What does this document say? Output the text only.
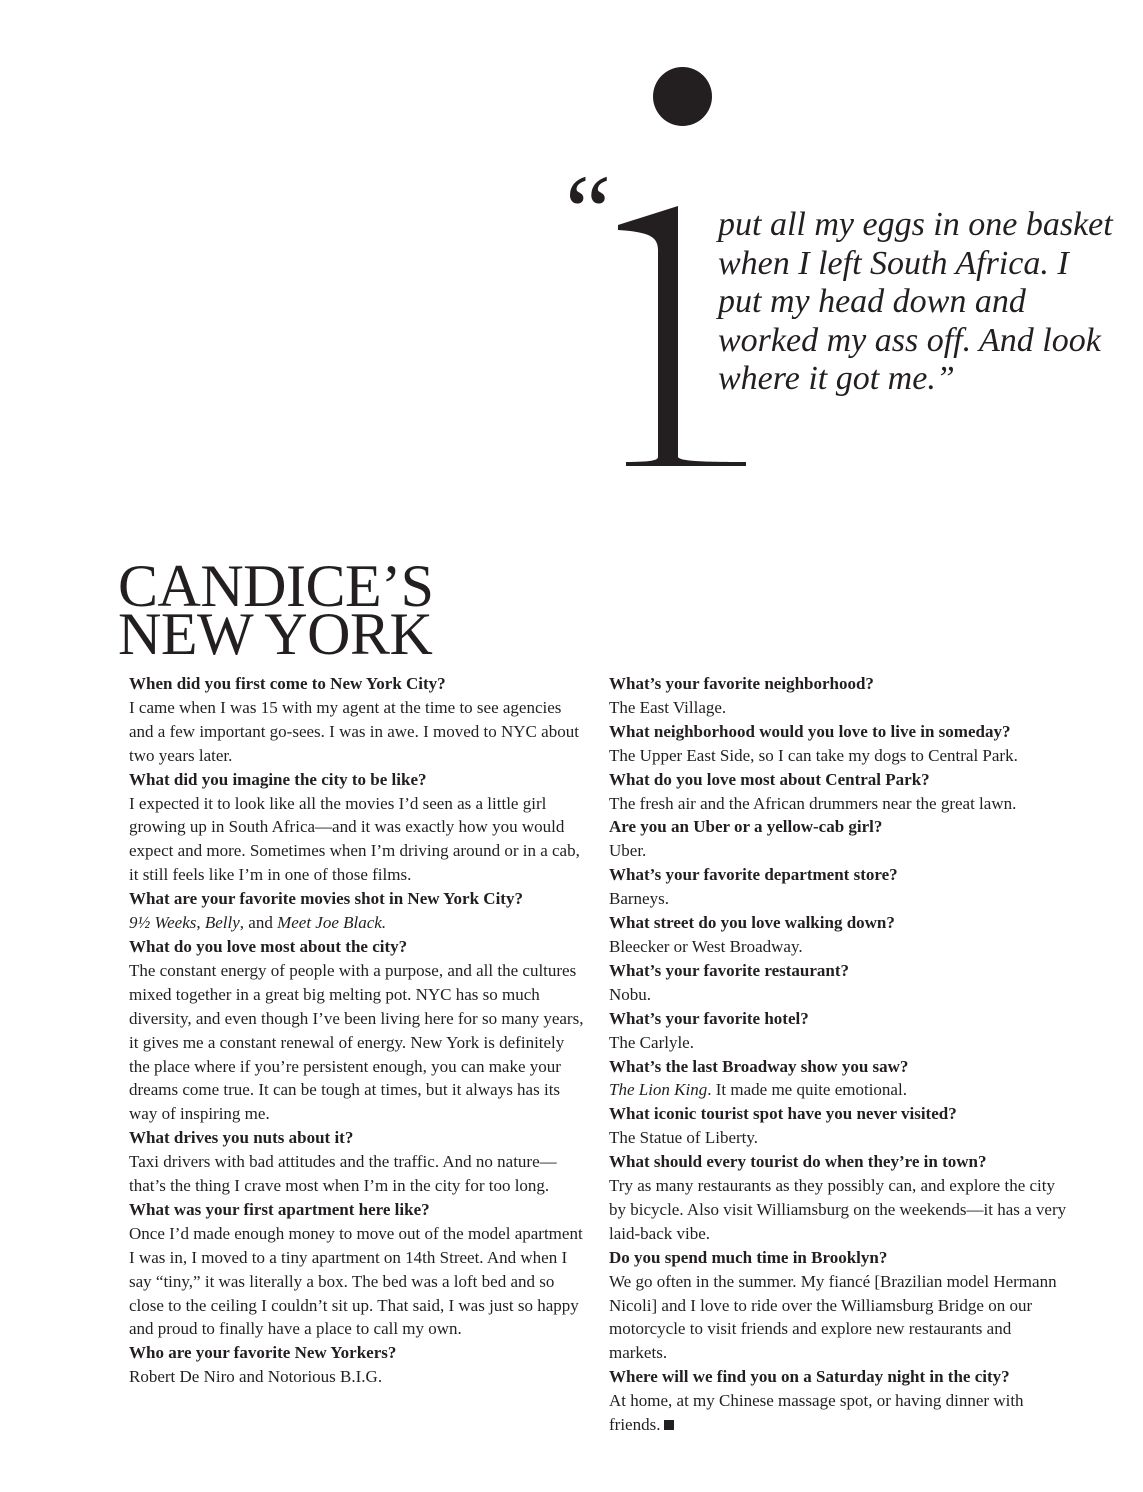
“	put all my eggs in one basket when I left South Africa. I put my head down and worked my ass off. And look where it got me.”

CANDICE’S
NEW YORK

When did you first come to New York City?

I came when I was 15 with my agent at the time to see agencies and a few important go-sees. I was in awe. I moved to NYC about two years later.

What did you imagine the city to be like?

I expected it to look like all the movies I’d seen as a little girl growing up in South Africa—and it was exactly how you would expect and more. Sometimes when I’m driving around or in a cab, it still feels like I’m in one of those films.

What are your favorite movies shot in New York City?

9½ Weeks, Belly, and Meet Joe Black.

What do you love most about the city?

The constant energy of people with a purpose, and all the cultures mixed together in a great big melting pot. NYC has so much diversity, and even though I’ve been living here for so many years, it gives me a constant renewal of energy. New York is definitely the place where if you’re persistent enough, you can make your dreams come true. It can be tough at times, but it always has its way of inspiring me.

What drives you nuts about it?

Taxi drivers with bad attitudes and the traffic. And no nature—that’s the thing I crave most when I’m in the city for too long.

What was your first apartment here like?

Once I’d made enough money to move out of the model apartment I was in, I moved to a tiny apartment on 14th Street. And when I say “tiny,” it was literally a box. The bed was a loft bed and so close to the ceiling I couldn’t sit up. That said, I was just so happy and proud to finally have a place to call my own.

Who are your favorite New Yorkers?

Robert De Niro and Notorious B.I.G.

What’s your favorite neighborhood?

The East Village.

What neighborhood would you love to live in someday?

The Upper East Side, so I can take my dogs to Central Park.

What do you love most about Central Park?

The fresh air and the African drummers near the great lawn.

Are you an Uber or a yellow-cab girl?

Uber.

What’s your favorite department store?

Barneys.

What street do you love walking down?

Bleecker or West Broadway.

What’s your favorite restaurant?

Nobu.

What’s your favorite hotel?

The Carlyle.

What’s the last Broadway show you saw?

The Lion King. It made me quite emotional.

What iconic tourist spot have you never visited?

The Statue of Liberty.

What should every tourist do when they’re in town?

Try as many restaurants as they possibly can, and explore the city by bicycle. Also visit Williamsburg on the weekends—it has a very laid-back vibe.

Do you spend much time in Brooklyn?

We go often in the summer. My fiancé [Brazilian model Hermann Nicoli] and I love to ride over the Williamsburg Bridge on our motorcycle to visit friends and explore new restaurants and markets.

Where will we find you on a Saturday night in the city?

At home, at my Chinese massage spot, or having dinner with friends.
